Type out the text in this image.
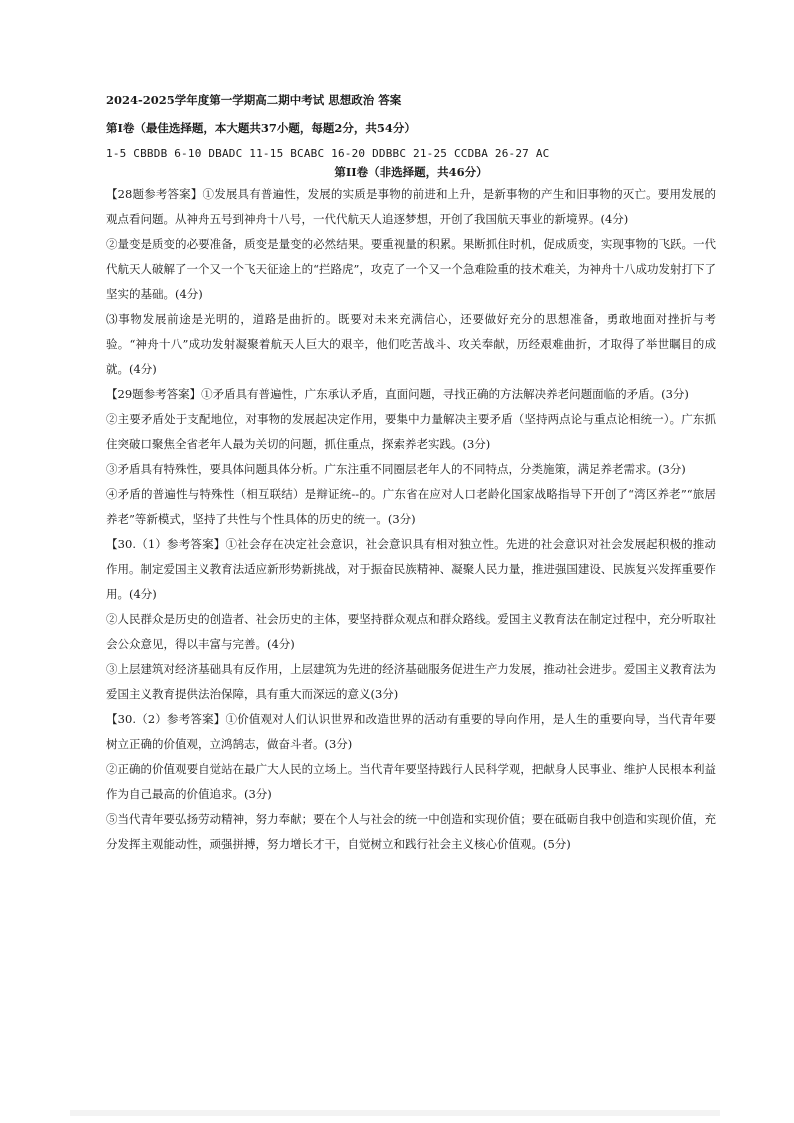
2024-2025学年度第一学期高二期中考试 思想政治 答案
第Ⅰ卷（最佳选择题，本大题共37小题，每题2分，共54分）
1-5 CBBDB 6-10 DBADC 11-15 BCABC 16-20 DDBBC 21-25 CCDBA 26-27 AC
第II卷（非选择题，共46分）

【28题参考答案】①发展具有普遍性，发展的实质是事物的前进和上升，是新事物的产生和旧事物的灭亡。要用发展的观点看问题。从神舟五号到神舟十八号，一代代航天人追逐梦想，开创了我国航天事业的新境界。(4分)

②量变是质变的必要准备，质变是量变的必然结果。要重视量的积累。果断抓住时机，促成质变，实现事物的飞跃。一代代航天人破解了一个又一个飞天征途上的“拦路虎”，攻克了一个又一个急难险重的技术难关，为神舟十八成功发射打下了坚实的基础。(4分)

⑶事物发展前途是光明的，道路是曲折的。既要对未来充满信心，还要做好充分的思想准备，勇敢地面对挫折与考验。“神舟十八”成功发射凝聚着航天人巨大的艰辛，他们吃苦战斗、攻关奉献，历经艰难曲折，才取得了举世瞩目的成就。(4分)

【29题参考答案】①矛盾具有普遍性，广东承认矛盾，直面问题，寻找正确的方法解决养老问题面临的矛盾。(3分)

②主要矛盾处于支配地位，对事物的发展起决定作用，要集中力量解决主要矛盾（坚持两点论与重点论相统一）。广东抓住突破口聚焦全省老年人最为关切的问题，抓住重点，探索养老实践。(3分)

③矛盾具有特殊性，要具体问题具体分析。广东注重不同圈层老年人的不同特点，分类施策，满足养老需求。(3分)

④矛盾的普遍性与特殊性（相互联结）是辩证统--的。广东省在应对人口老龄化国家战略指导下开创了“湾区养老”“旅居养老”等新模式，坚持了共性与个性具体的历史的统一。(3分)

【30.（1）参考答案】①社会存在决定社会意识，社会意识具有相对独立性。先进的社会意识对社会发展起积极的推动作用。制定爱国主义教育法适应新形势新挑战，对于振奋民族精神、凝聚人民力量，推进强国建设、民族复兴发挥重要作用。(4分)

②人民群众是历史的创造者、社会历史的主体，要坚持群众观点和群众路线。爱国主义教育法在制定过程中，充分听取社会公众意见，得以丰富与完善。(4分)

③上层建筑对经济基础具有反作用，上层建筑为先进的经济基础服务促进生产力发展，推动社会进步。爱国主义教育法为爱国主义教育提供法治保障，具有重大而深远的意义(3分)

【30.（2）参考答案】①价值观对人们认识世界和改造世界的活动有重要的导向作用，是人生的重要向导，当代青年要树立正确的价值观，立鸿鹄志，做奋斗者。(3分)

②正确的价值观要自觉站在最广大人民的立场上。当代青年要坚持践行人民科学观，把献身人民事业、维护人民根本利益作为自己最高的价值追求。(3分)

⑤当代青年要弘扬劳动精神，努力奉献；要在个人与社会的统一中创造和实现价值；要在砥砺自我中创造和实现价值，充分发挥主观能动性，顽强拼搏，努力增长才干，自觉树立和践行社会主义核心价值观。(5分)
